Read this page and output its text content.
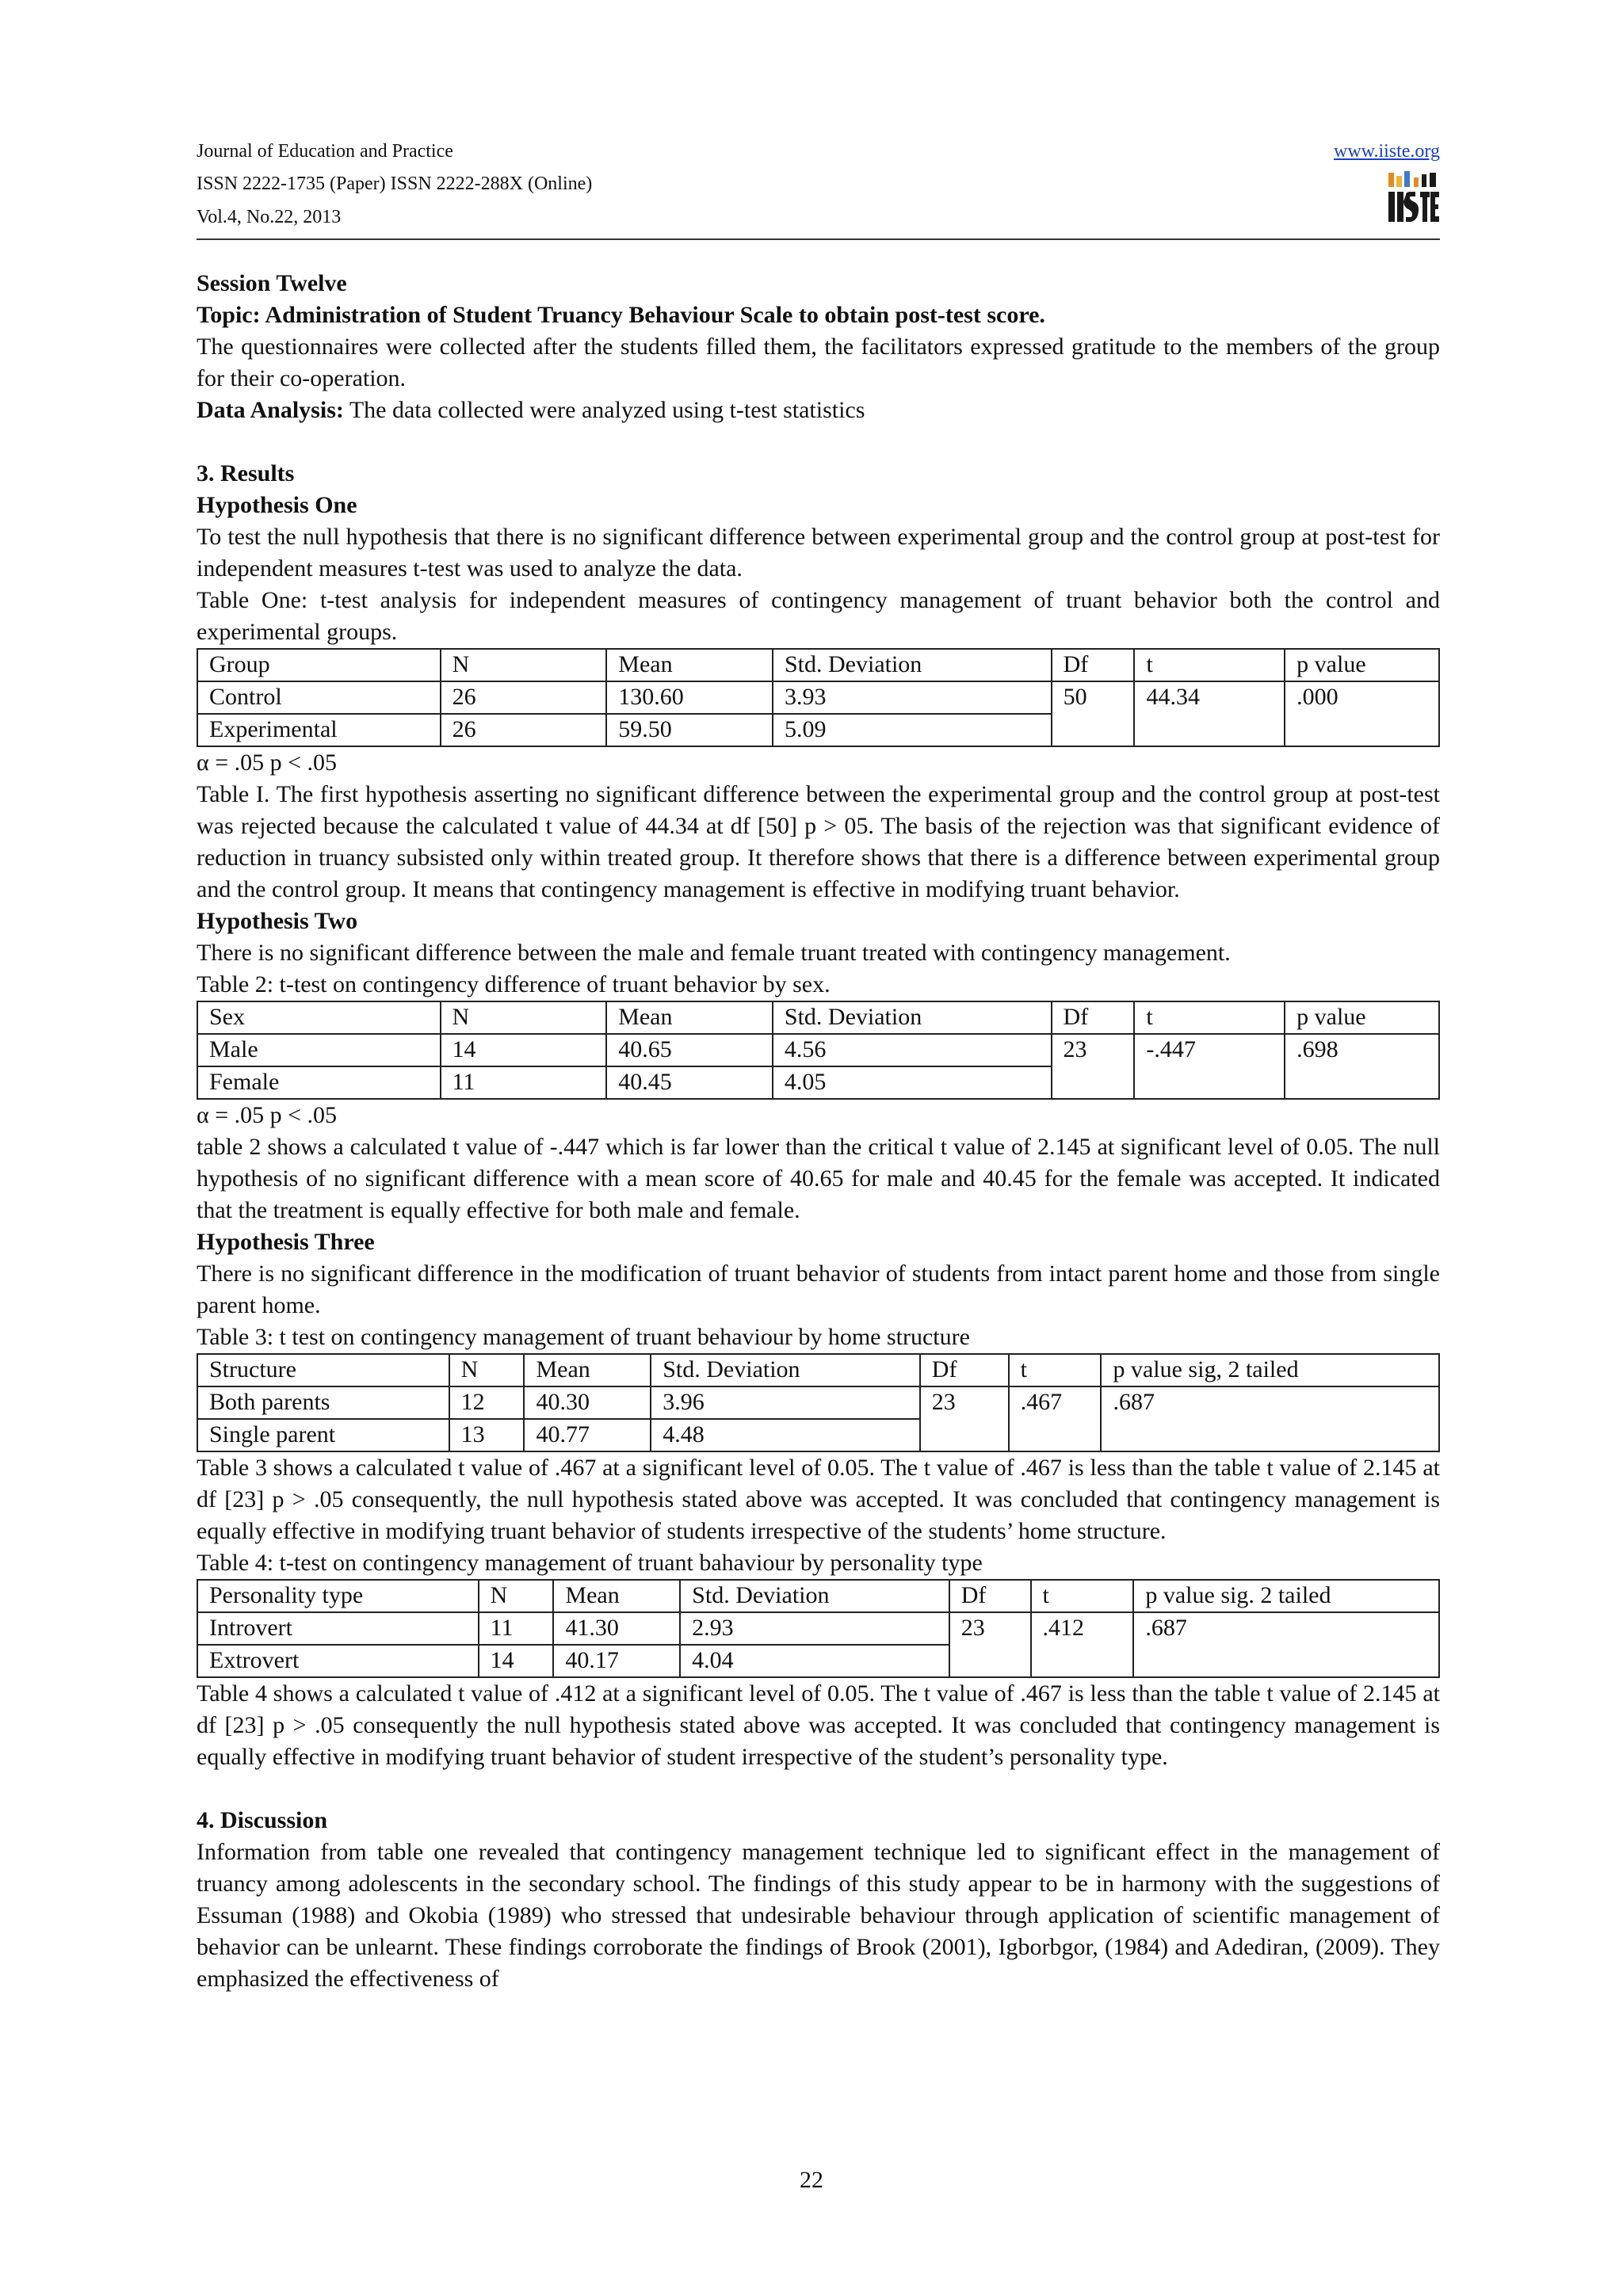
Journal of Education and Practice
ISSN 2222-1735 (Paper) ISSN 2222-288X (Online)
Vol.4, No.22, 2013
www.iiste.org

Session Twelve

Topic: Administration of Student Truancy Behaviour Scale to obtain post-test score.

The questionnaires were collected after the students filled them, the facilitators expressed gratitude to the members of the group for their co-operation.

Data Analysis: The data collected were analyzed using t-test statistics

3. Results

Hypothesis One

To test the null hypothesis that there is no significant difference between experimental group and the control group at post-test for independent measures t-test was used to analyze the data.

Table One: t-test analysis for independent measures of contingency management of truant behavior both the control and experimental groups.

Group	N	Mean	Std. Deviation	Df	t	p value
Control	26	130.60	3.93	50	44.34	.000
Experimental	26	59.50	5.09			

α = .05 p < .05

Table I. The first hypothesis asserting no significant difference between the experimental group and the control group at post-test was rejected because the calculated t value of 44.34 at df [50] p > 05. The basis of the rejection was that significant evidence of reduction in truancy subsisted only within treated group. It therefore shows that there is a difference between experimental group and the control group. It means that contingency management is effective in modifying truant behavior.

Hypothesis Two

There is no significant difference between the male and female truant treated with contingency management.

Table 2: t-test on contingency difference of truant behavior by sex.

Sex	N	Mean	Std. Deviation	Df	t	p value
Male	14	40.65	4.56	23	-.447	.698
Female	11	40.45	4.05			

α = .05 p < .05

table 2 shows a calculated t value of -.447 which is far lower than the critical t value of 2.145 at significant level of 0.05. The null hypothesis of no significant difference with a mean score of 40.65 for male and 40.45 for the female was accepted. It indicated that the treatment is equally effective for both male and female.

Hypothesis Three

There is no significant difference in the modification of truant behavior of students from intact parent home and those from single parent home.

Table 3: t test on contingency management of truant behaviour by home structure

Structure	N	Mean	Std. Deviation	Df	t	p value sig, 2 tailed
Both parents	12	40.30	3.96	23	.467	.687
Single parent	13	40.77	4.48			

Table 3 shows a calculated t value of .467 at a significant level of 0.05. The t value of .467 is less than the table t value of 2.145 at df [23] p > .05 consequently, the null hypothesis stated above was accepted. It was concluded that contingency management is equally effective in modifying truant behavior of students irrespective of the students’ home structure.

Table 4: t-test on contingency management of truant bahaviour by personality type

Personality type	N	Mean	Std. Deviation	Df	t	p value sig. 2 tailed
Introvert	11	41.30	2.93	23	.412	.687
Extrovert	14	40.17	4.04			

Table 4 shows a calculated t value of .412 at a significant level of 0.05. The t value of .467 is less than the table t value of 2.145 at df [23] p > .05 consequently the null hypothesis stated above was accepted. It was concluded that contingency management is equally effective in modifying truant behavior of student irrespective of the student’s personality type.

4. Discussion

Information from table one revealed that contingency management technique led to significant effect in the management of truancy among adolescents in the secondary school. The findings of this study appear to be in harmony with the suggestions of Essuman (1988) and Okobia (1989) who stressed that undesirable behaviour through application of scientific management of behavior can be unlearnt. These findings corroborate the findings of Brook (2001), Igborbgor, (1984) and Adediran, (2009). They emphasized the effectiveness of

22
